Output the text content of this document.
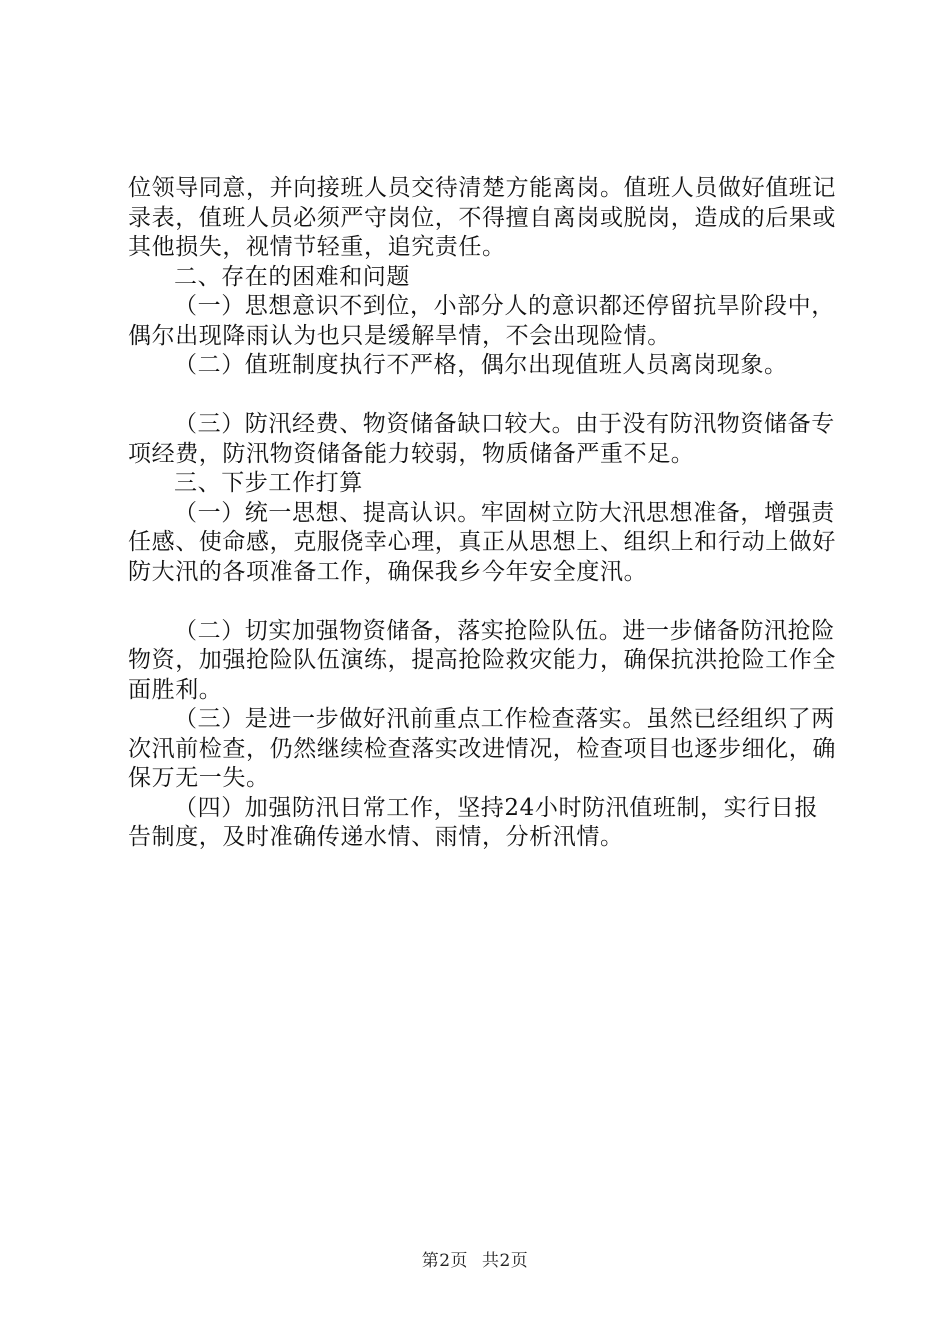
位领导同意，并向接班人员交待清楚方能离岗。值班人员做好值班记录表，值班人员必须严守岗位，不得擅自离岗或脱岗，造成的后果或其他损失，视情节轻重，追究责任。

二、存在的困难和问题

（一）思想意识不到位，小部分人的意识都还停留抗旱阶段中，偶尔出现降雨认为也只是缓解旱情，不会出现险情。

（二）值班制度执行不严格，偶尔出现值班人员离岗现象。

（三）防汛经费、物资储备缺口较大。由于没有防汛物资储备专项经费，防汛物资储备能力较弱，物质储备严重不足。

三、下步工作打算

（一）统一思想、提高认识。牢固树立防大汛思想准备，增强责任感、使命感，克服侥幸心理，真正从思想上、组织上和行动上做好防大汛的各项准备工作，确保我乡今年安全度汛。

（二）切实加强物资储备，落实抢险队伍。进一步储备防汛抢险物资，加强抢险队伍演练，提高抢险救灾能力，确保抗洪抢险工作全面胜利。

（三）是进一步做好汛前重点工作检查落实。虽然已经组织了两次汛前检查，仍然继续检查落实改进情况，检查项目也逐步细化，确保万无一失。

（四）加强防汛日常工作，坚持24小时防汛值班制，实行日报告制度，及时准确传递水情、雨情，分析汛情。

第2页 共2页
